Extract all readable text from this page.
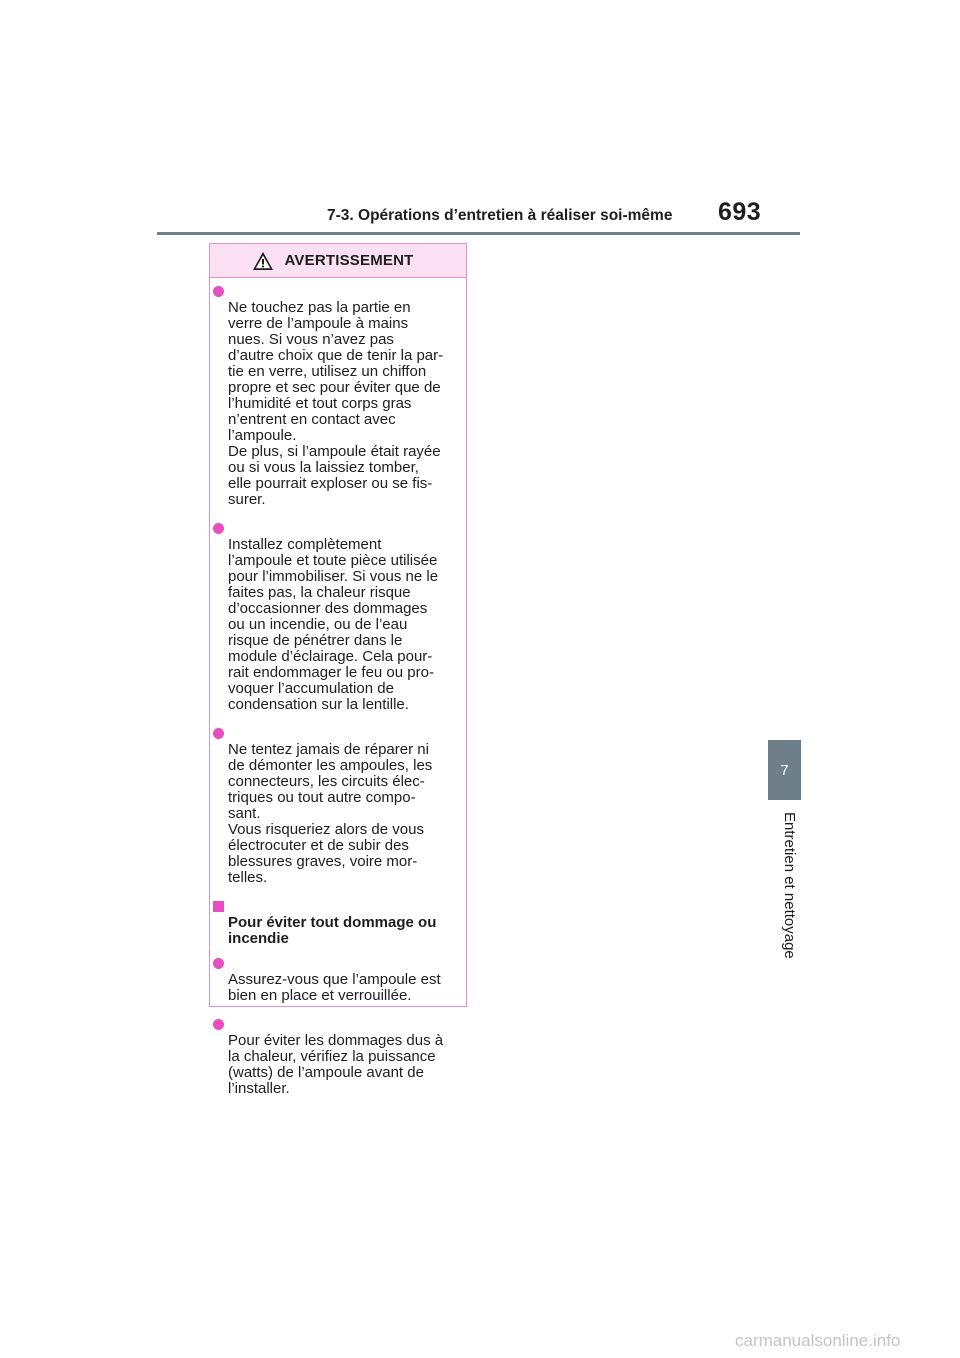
7-3. Opérations d’entretien à réaliser soi-même 693
7
Entretien et nettoyage
AVERTISSEMENT

Ne touchez pas la partie en
verre de l’ampoule à mains
nues. Si vous n’avez pas
d’autre choix que de tenir la par-
tie en verre, utilisez un chiffon
propre et sec pour éviter que de
l’humidité et tout corps gras
n’entrent en contact avec
l’ampoule.
De plus, si l’ampoule était rayée
ou si vous la laissiez tomber,
elle pourrait exploser ou se fis-
surer.

Installez complètement
l’ampoule et toute pièce utilisée
pour l’immobiliser. Si vous ne le
faites pas, la chaleur risque
d’occasionner des dommages
ou un incendie, ou de l’eau
risque de pénétrer dans le
module d’éclairage. Cela pour-
rait endommager le feu ou pro-
voquer l’accumulation de
condensation sur la lentille.

Ne tentez jamais de réparer ni
de démonter les ampoules, les
connecteurs, les circuits élec-
triques ou tout autre compo-
sant.
Vous risqueriez alors de vous
électrocuter et de subir des
blessures graves, voire mor-
telles.

Pour éviter tout dommage ou
incendie

Assurez-vous que l’ampoule est
bien en place et verrouillée.

Pour éviter les dommages dus à
la chaleur, vérifiez la puissance
(watts) de l’ampoule avant de
l’installer.

carmanualsonline.info
